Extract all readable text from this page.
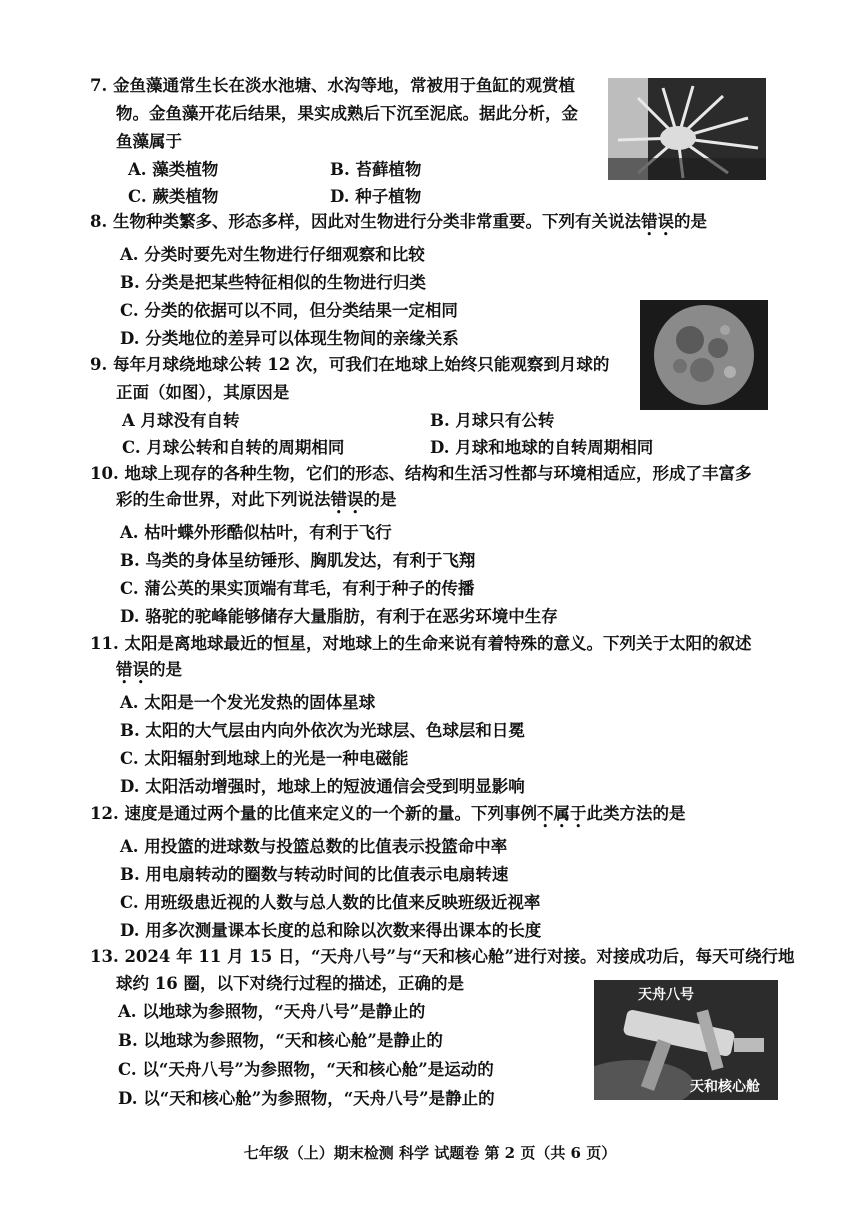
7. 金鱼藻通常生长在淡水池塘、水沟等地，常被用于鱼缸的观赏植
物。金鱼藻开花后结果，果实成熟后下沉至泥底。据此分析，金
鱼藻属于
A. 藻类植物	B. 苔藓植物
C. 蕨类植物	D. 种子植物
8. 生物种类繁多、形态多样，因此对生物进行分类非常重要。下列有关说法错误的是
A. 分类时要先对生物进行仔细观察和比较
B. 分类是把某些特征相似的生物进行归类
C. 分类的依据可以不同，但分类结果一定相同
D. 分类地位的差异可以体现生物间的亲缘关系
9. 每年月球绕地球公转 12 次，可我们在地球上始终只能观察到月球的
正面（如图），其原因是
A 月球没有自转	B. 月球只有公转
C. 月球公转和自转的周期相同	D. 月球和地球的自转周期相同
10. 地球上现存的各种生物，它们的形态、结构和生活习性都与环境相适应，形成了丰富多
彩的生命世界，对此下列说法错误的是
A. 枯叶蝶外形酷似枯叶，有利于飞行
B. 鸟类的身体呈纺锤形、胸肌发达，有利于飞翔
C. 蒲公英的果实顶端有茸毛，有利于种子的传播
D. 骆驼的驼峰能够储存大量脂肪，有利于在恶劣环境中生存
11. 太阳是离地球最近的恒星，对地球上的生命来说有着特殊的意义。下列关于太阳的叙述
错误的是
A. 太阳是一个发光发热的固体星球
B. 太阳的大气层由内向外依次为光球层、色球层和日冕
C. 太阳辐射到地球上的光是一种电磁能
D. 太阳活动增强时，地球上的短波通信会受到明显影响
12. 速度是通过两个量的比值来定义的一个新的量。下列事例不属于此类方法的是
A. 用投篮的进球数与投篮总数的比值表示投篮命中率
B. 用电扇转动的圈数与转动时间的比值表示电扇转速
C. 用班级患近视的人数与总人数的比值来反映班级近视率
D. 用多次测量课本长度的总和除以次数来得出课本的长度
13. 2024 年 11 月 15 日，“天舟八号”与“天和核心舱”进行对接。对接成功后，每天可绕行地
球约 16 圈，以下对绕行过程的描述，正确的是
A. 以地球为参照物，“天舟八号”是静止的
B. 以地球为参照物，“天和核心舱”是静止的
C. 以“天舟八号”为参照物，“天和核心舱”是运动的
D. 以“天和核心舱”为参照物，“天舟八号”是静止的
天舟八号
天和核心舱
七年级（上）期末检测 科学 试题卷 第 2 页（共 6 页）
